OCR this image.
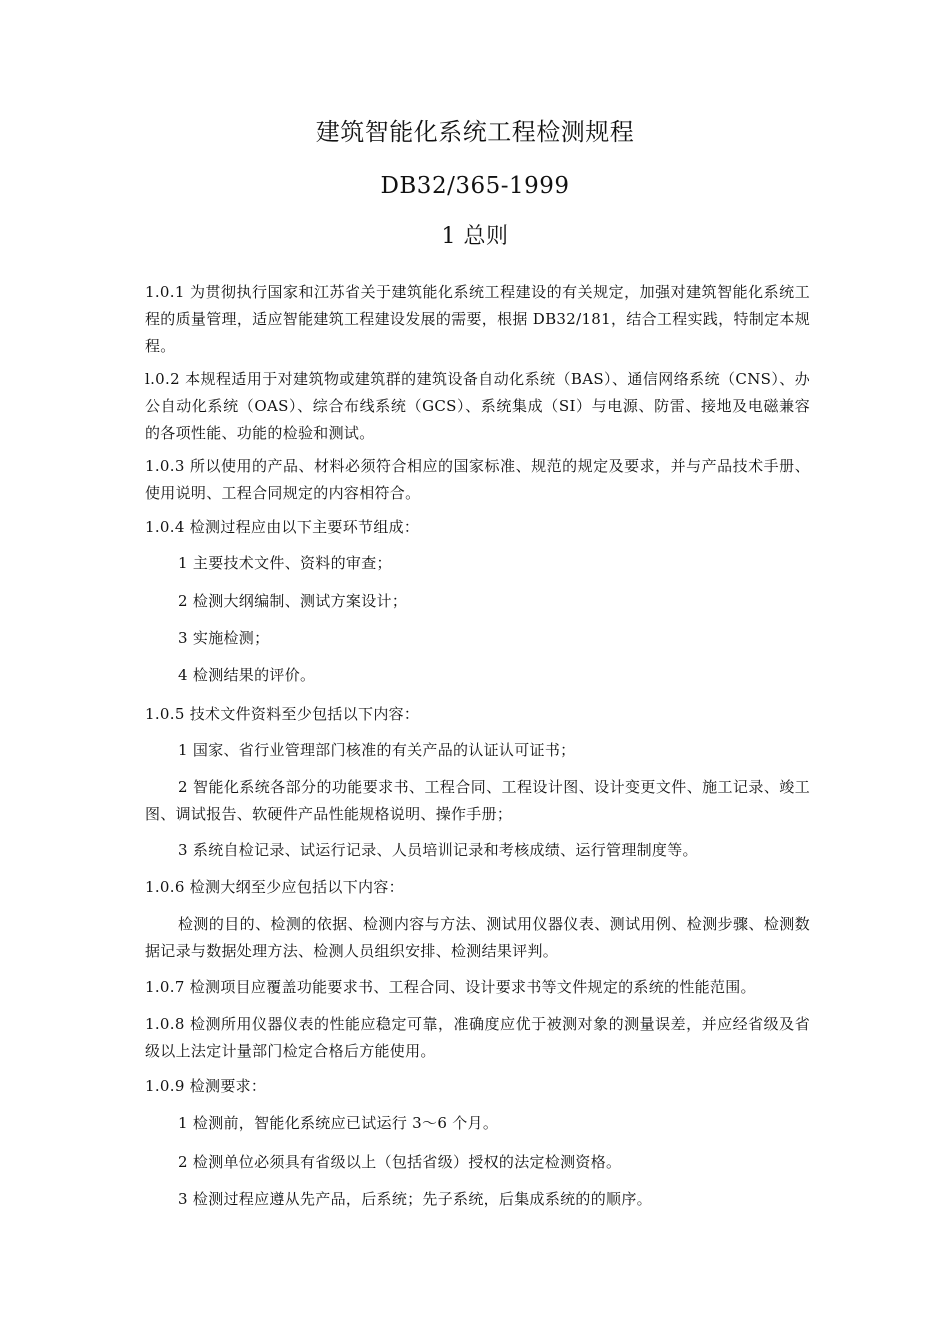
建筑智能化系统工程检测规程
DB32/365-1999
1 总则
1.0.1 为贯彻执行国家和江苏省关于建筑能化系统工程建设的有关规定，加强对建筑智能化系统工程的质量管理，适应智能建筑工程建设发展的需要，根据 DB32/181，结合工程实践，特制定本规程。
l.0.2 本规程适用于对建筑物或建筑群的建筑设备自动化系统（BAS）、通信网络系统（CNS）、办公自动化系统（OAS）、综合布线系统（GCS）、系统集成（SI）与电源、防雷、接地及电磁兼容的各项性能、功能的检验和测试。
1.0.3 所以使用的产品、材料必须符合相应的国家标准、规范的规定及要求，并与产品技术手册、使用说明、工程合同规定的内容相符合。
1.0.4 检测过程应由以下主要环节组成：
1 主要技术文件、资料的审查；
2 检测大纲编制、测试方案设计；
3 实施检测；
4 检测结果的评价。
1.0.5 技术文件资料至少包括以下内容：
1 国家、省行业管理部门核准的有关产品的认证认可证书；
2 智能化系统各部分的功能要求书、工程合同、工程设计图、设计变更文件、施工记录、竣工图、调试报告、软硬件产品性能规格说明、操作手册；
3 系统自检记录、试运行记录、人员培训记录和考核成绩、运行管理制度等。
1.0.6 检测大纲至少应包括以下内容：
检测的目的、检测的依据、检测内容与方法、测试用仪器仪表、测试用例、检测步骤、检测数据记录与数据处理方法、检测人员组织安排、检测结果评判。
1.0.7 检测项目应覆盖功能要求书、工程合同、设计要求书等文件规定的系统的性能范围。
1.0.8 检测所用仪器仪表的性能应稳定可靠，准确度应优于被测对象的测量误差，并应经省级及省级以上法定计量部门检定合格后方能使用。
1.0.9 检测要求：
1 检测前，智能化系统应已试运行 3～6 个月。
2 检测单位必须具有省级以上（包括省级）授权的法定检测资格。
3 检测过程应遵从先产品，后系统；先子系统，后集成系统的的顺序。
